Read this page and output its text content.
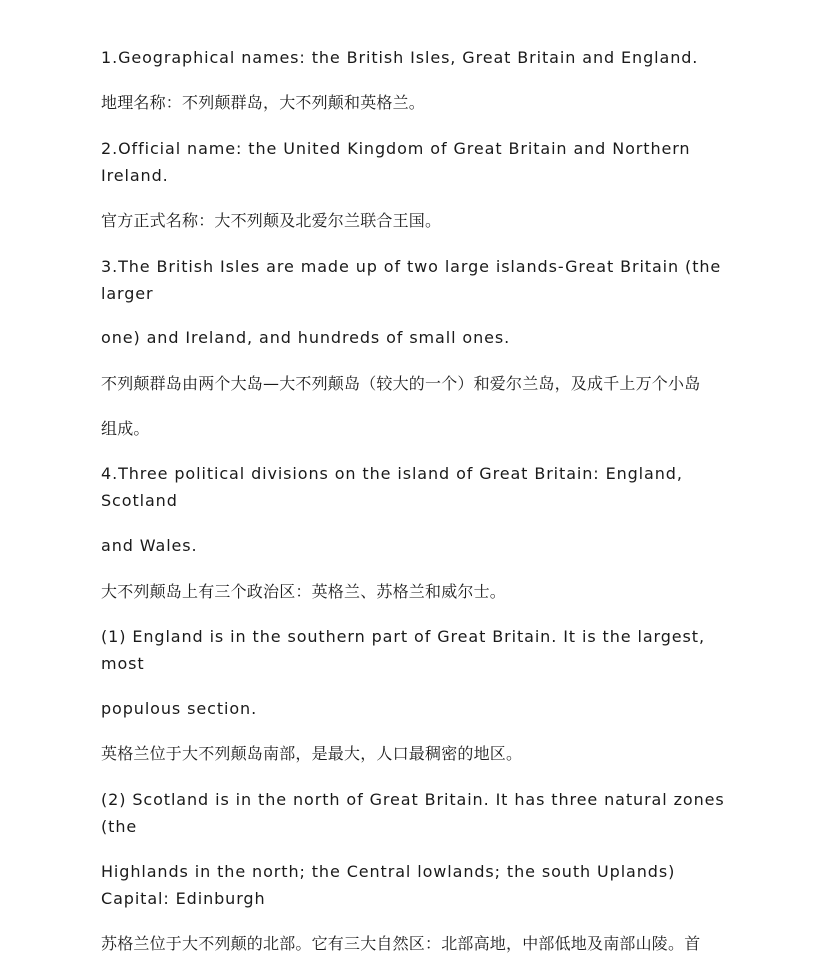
1.Geographical names: the British Isles, Great Britain and England.

地理名称：不列颠群岛，大不列颠和英格兰。

2.Official name: the United Kingdom of Great Britain and Northern
Ireland.

官方正式名称：大不列颠及北爱尔兰联合王国。

3.The British Isles are made up of two large islands-Great Britain (the
larger

one) and Ireland, and hundreds of small ones.

不列颠群岛由两个大岛—大不列颠岛（较大的一个）和爱尔兰岛，及成千上万个小岛

组成。

4.Three political divisions on the island of Great Britain: England,
Scotland

and Wales.

大不列颠岛上有三个政治区：英格兰、苏格兰和威尔士。

(1) England is in the southern part of Great Britain. It is the largest,
most

populous section.

英格兰位于大不列颠岛南部，是最大，人口最稠密的地区。

(2) Scotland is in the north of Great Britain. It has three natural zones
(the

Highlands in the north; the Central lowlands; the south Uplands)
Capital: Edinburgh

苏格兰位于大不列颠的北部。它有三大自然区：北部高地，中部低地及南部山陵。首
